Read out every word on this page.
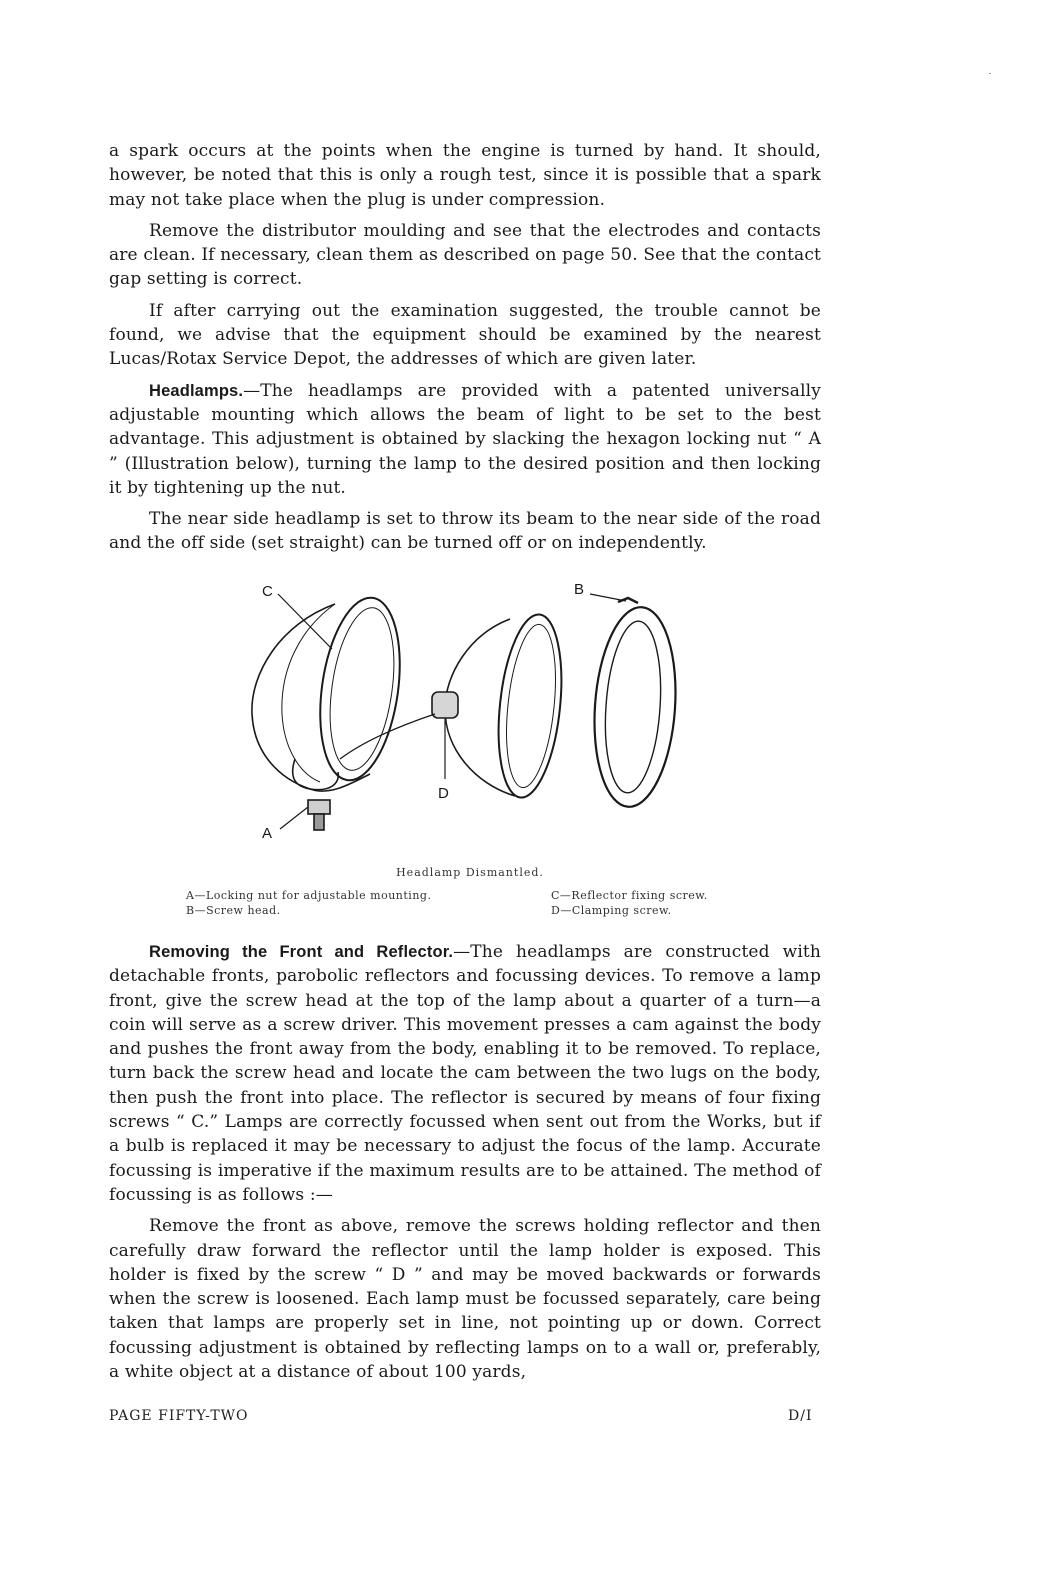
a spark occurs at the points when the engine is turned by hand. It should, however, be noted that this is only a rough test, since it is possible that a spark may not take place when the plug is under compression.

Remove the distributor moulding and see that the electrodes and contacts are clean. If necessary, clean them as described on page 50. See that the contact gap setting is correct.

If after carrying out the examination suggested, the trouble cannot be found, we advise that the equipment should be examined by the nearest Lucas/Rotax Service Depot, the addresses of which are given later.

Headlamps.—The headlamps are provided with a patented universally adjustable mounting which allows the beam of light to be set to the best advantage. This adjustment is obtained by slacking the hexagon locking nut “ A ” (Illustration below), turning the lamp to the desired position and then locking it by tightening up the nut.

The near side headlamp is set to throw its beam to the near side of the road and the off side (set straight) can be turned off or on independently.

C	B
D
A
Headlamp Dismantled.
A—Locking nut for adjustable mounting.
B—Screw head.
C—Reflector fixing screw.
D—Clamping screw.

Removing the Front and Reflector.—The headlamps are constructed with detachable fronts, parobolic reflectors and focussing devices. To remove a lamp front, give the screw head at the top of the lamp about a quarter of a turn—a coin will serve as a screw driver. This movement presses a cam against the body and pushes the front away from the body, enabling it to be removed. To replace, turn back the screw head and locate the cam between the two lugs on the body, then push the front into place. The reflector is secured by means of four fixing screws “ C.” Lamps are correctly focussed when sent out from the Works, but if a bulb is replaced it may be necessary to adjust the focus of the lamp. Accurate focussing is imperative if the maximum results are to be attained. The method of focussing is as follows :—

Remove the front as above, remove the screws holding reflector and then carefully draw forward the reflector until the lamp holder is exposed. This holder is fixed by the screw “ D ” and may be moved backwards or forwards when the screw is loosened. Each lamp must be focussed separately, care being taken that lamps are properly set in line, not pointing up or down. Correct focussing adjustment is obtained by reflecting lamps on to a wall or, preferably, a white object at a distance of about 100 yards,

PAGE FIFTY-TWO	D/I
